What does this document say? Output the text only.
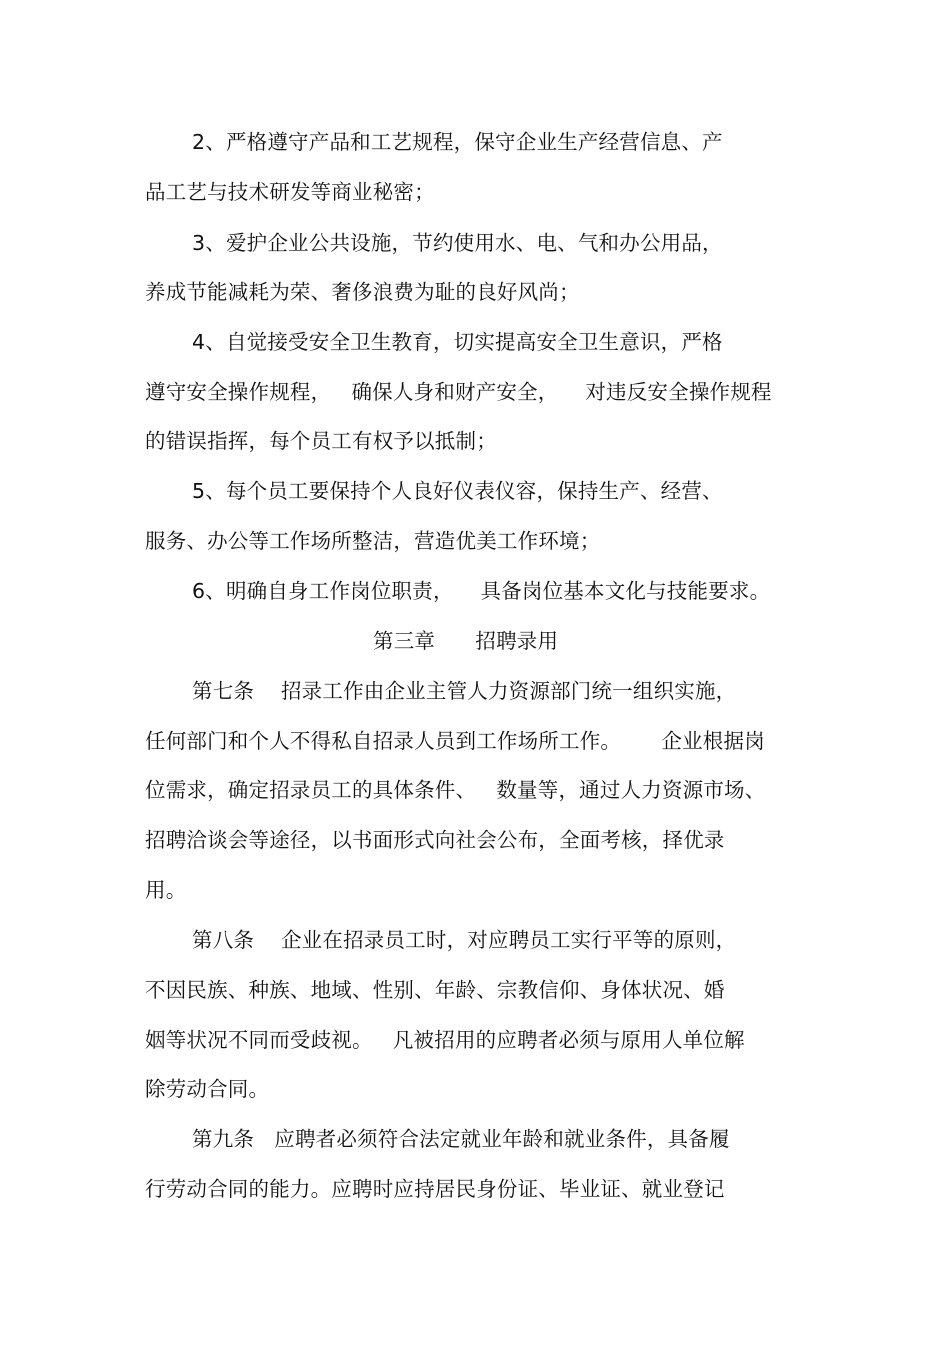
2、严格遵守产品和工艺规程，保守企业生产经营信息、产
品工艺与技术研发等商业秘密；
3、爱护企业公共设施，节约使用水、电、气和办公用品，
养成节能减耗为荣、奢侈浪费为耻的良好风尚；
4、自觉接受安全卫生教育，切实提高安全卫生意识，严格
遵守安全操作规程，   确保人身和财产安全，    对违反安全操作规程
的错误指挥，每个员工有权予以抵制；
5、每个员工要保持个人良好仪表仪容，保持生产、经营、
服务、办公等工作场所整洁，营造优美工作环境；
6、明确自身工作岗位职责，    具备岗位基本文化与技能要求。
第三章      招聘录用
第七条    招录工作由企业主管人力资源部门统一组织实施，
任何部门和个人不得私自招录人员到工作场所工作。      企业根据岗
位需求，确定招录员工的具体条件、   数量等，通过人力资源市场、
招聘洽谈会等途径，以书面形式向社会公布，全面考核，择优录
用。
第八条    企业在招录员工时，对应聘员工实行平等的原则，
不因民族、种族、地域、性别、年龄、宗教信仰、身体状况、婚
姻等状况不同而受歧视。   凡被招用的应聘者必须与原用人单位解
除劳动合同。
第九条   应聘者必须符合法定就业年龄和就业条件，具备履
行劳动合同的能力。应聘时应持居民身份证、毕业证、就业登记
